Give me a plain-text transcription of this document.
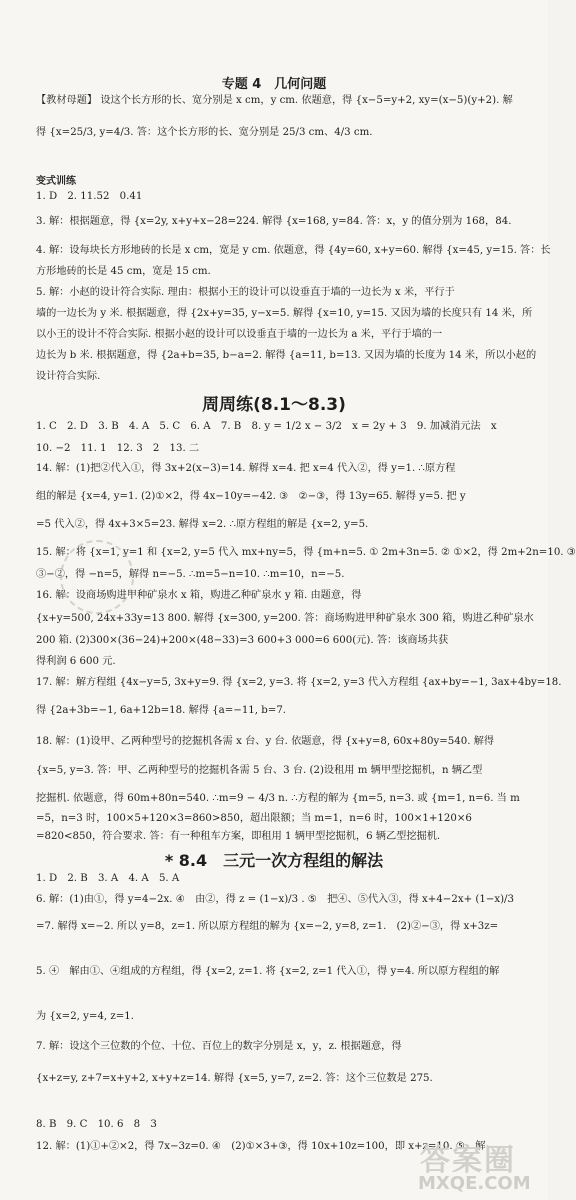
专题 4　几何问题
周周练(8.1～8.3)
* 8.4　三元一次方程组的解法
【教材母题】 设这个长方形的长、宽分别是 x cm，y cm. 依题意，得 {x−5=y+2, xy=(x−5)(y+2). 解
得 {x=25/3, y=4/3. 答：这个长方形的长、宽分别是 25/3 cm、4/3 cm.
变式训练
1. D　2. 11.52　0.41
3. 解：根据题意，得 {x=2y, x+y+x−28=224. 解得 {x=168, y=84. 答：x，y 的值分别为 168，84.
4. 解：设每块长方形地砖的长是 x cm，宽是 y cm. 依题意，得 {4y=60, x+y=60. 解得 {x=45, y=15. 答：长
方形地砖的长是 45 cm，宽是 15 cm.
5. 解：小赵的设计符合实际. 理由：根据小王的设计可以设垂直于墙的一边长为 x 米，平行于
墙的一边长为 y 米. 根据题意，得 {2x+y=35, y−x=5. 解得 {x=10, y=15. 又因为墙的长度只有 14 米，所
以小王的设计不符合实际. 根据小赵的设计可以设垂直于墙的一边长为 a 米，平行于墙的一
边长为 b 米. 根据题意，得 {2a+b=35, b−a=2. 解得 {a=11, b=13. 又因为墙的长度为 14 米，所以小赵的
设计符合实际.
1. C　2. D　3. B　4. A　5. C　6. A　7. B　8. y = 1/2 x − 3/2　x = 2y + 3　9. 加减消元法　x
10. −2　11. 1　12. 3　2　13. 二
14. 解：(1)把②代入①，得 3x+2(x−3)=14. 解得 x=4. 把 x=4 代入②，得 y=1. ∴原方程
组的解是 {x=4, y=1. (2)①×2，得 4x−10y=−42. ③　②−③，得 13y=65. 解得 y=5. 把 y
=5 代入②，得 4x+3×5=23. 解得 x=2. ∴原方程组的解是 {x=2, y=5.
15. 解：将 {x=1, y=1 和 {x=2, y=5 代入 mx+ny=5，得 {m+n=5. ① 2m+3n=5. ② ①×2，得 2m+2n=10. ③
③−②，得 −n=5，解得 n=−5. ∴m=5−n=10. ∴m=10，n=−5.
16. 解：设商场购进甲种矿泉水 x 箱，购进乙种矿泉水 y 箱. 由题意，得
{x+y=500, 24x+33y=13 800. 解得 {x=300, y=200. 答：商场购进甲种矿泉水 300 箱，购进乙种矿泉水
200 箱. (2)300×(36−24)+200×(48−33)=3 600+3 000=6 600(元). 答：该商场共获
得利润 6 600 元.
17. 解：解方程组 {4x−y=5, 3x+y=9. 得 {x=2, y=3. 将 {x=2, y=3 代入方程组 {ax+by=−1, 3ax+4by=18.
得 {2a+3b=−1, 6a+12b=18. 解得 {a=−11, b=7.
18. 解：(1)设甲、乙两种型号的挖掘机各需 x 台、y 台. 依题意，得 {x+y=8, 60x+80y=540. 解得
{x=5, y=3. 答：甲、乙两种型号的挖掘机各需 5 台、3 台. (2)设租用 m 辆甲型挖掘机，n 辆乙型
挖掘机. 依题意，得 60m+80n=540. ∴m=9 − 4/3 n. ∴方程的解为 {m=5, n=3. 或 {m=1, n=6. 当 m
=5，n=3 时，100×5+120×3=860>850，超出限额；当 m=1，n=6 时，100×1+120×6
=820<850，符合要求. 答：有一种租车方案，即租用 1 辆甲型挖掘机，6 辆乙型挖掘机.
1. D　2. B　3. A　4. A　5. A
6. 解：(1)由①，得 y=4−2x. ④　由②，得 z = (1−x)/3 . ⑤　把④、⑤代入③，得 x+4−2x+ (1−x)/3
=7. 解得 x=−2. 所以 y=8，z=1. 所以原方程组的解为 {x=−2, y=8, z=1.　(2)②−③，得 x+3z=
5. ④　解由①、④组成的方程组，得 {x=2, z=1. 将 {x=2, z=1 代入①，得 y=4. 所以原方程组的解
为 {x=2, y=4, z=1.
7. 解：设这个三位数的个位、十位、百位上的数字分别是 x，y，z. 根据题意，得
{x+z=y, z+7=x+y+2, x+y+z=14. 解得 {x=5, y=7, z=2. 答：这个三位数是 275.
8. B　9. C　10. 6　8　3
12. 解：(1)①+②×2，得 7x−3z=0. ④　(2)①×3+③，得 10x+10z=100，即 x+z=10. ⑤　解
答案圈
MXQE.COM
